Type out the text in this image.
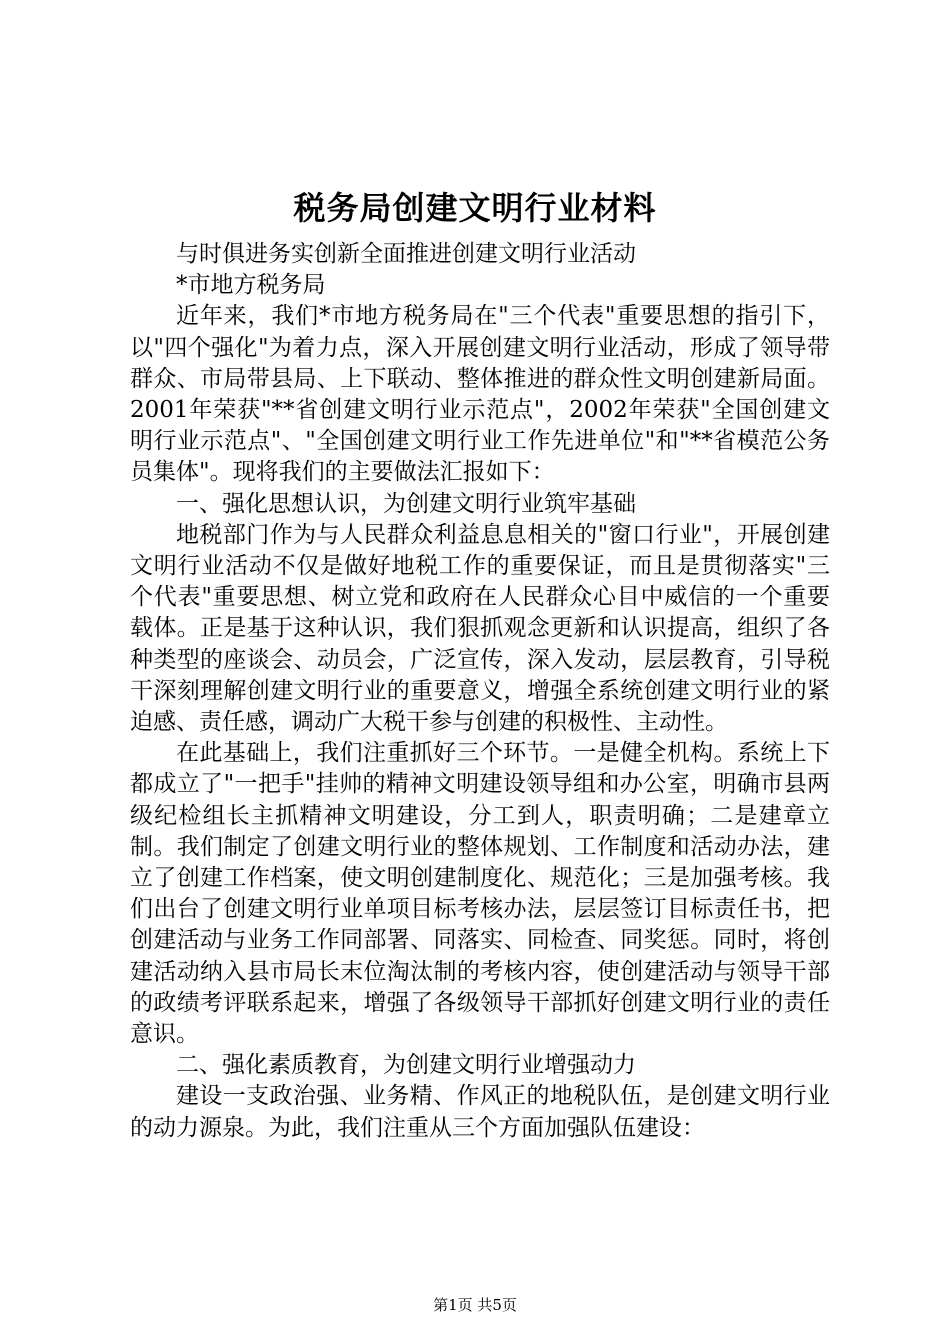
税务局创建文明行业材料

与时俱进务实创新全面推进创建文明行业活动

*市地方税务局

近年来，我们*市地方税务局在"三个代表"重要思想的指引下，以"四个强化"为着力点，深入开展创建文明行业活动，形成了领导带群众、市局带县局、上下联动、整体推进的群众性文明创建新局面。2001年荣获"**省创建文明行业示范点"，2002年荣获"全国创建文明行业示范点"、"全国创建文明行业工作先进单位"和"**省模范公务员集体"。现将我们的主要做法汇报如下：

一、强化思想认识，为创建文明行业筑牢基础

地税部门作为与人民群众利益息息相关的"窗口行业"，开展创建文明行业活动不仅是做好地税工作的重要保证，而且是贯彻落实"三个代表"重要思想、树立党和政府在人民群众心目中威信的一个重要载体。正是基于这种认识，我们狠抓观念更新和认识提高，组织了各种类型的座谈会、动员会，广泛宣传，深入发动，层层教育，引导税干深刻理解创建文明行业的重要意义，增强全系统创建文明行业的紧迫感、责任感，调动广大税干参与创建的积极性、主动性。

在此基础上，我们注重抓好三个环节。一是健全机构。系统上下都成立了"一把手"挂帅的精神文明建设领导组和办公室，明确市县两级纪检组长主抓精神文明建设，分工到人，职责明确；二是建章立制。我们制定了创建文明行业的整体规划、工作制度和活动办法，建立了创建工作档案，使文明创建制度化、规范化；三是加强考核。我们出台了创建文明行业单项目标考核办法，层层签订目标责任书，把创建活动与业务工作同部署、同落实、同检查、同奖惩。同时，将创建活动纳入县市局长末位淘汰制的考核内容，使创建活动与领导干部的政绩考评联系起来，增强了各级领导干部抓好创建文明行业的责任意识。

二、强化素质教育，为创建文明行业增强动力

建设一支政治强、业务精、作风正的地税队伍，是创建文明行业的动力源泉。为此，我们注重从三个方面加强队伍建设：

第1页 共5页
